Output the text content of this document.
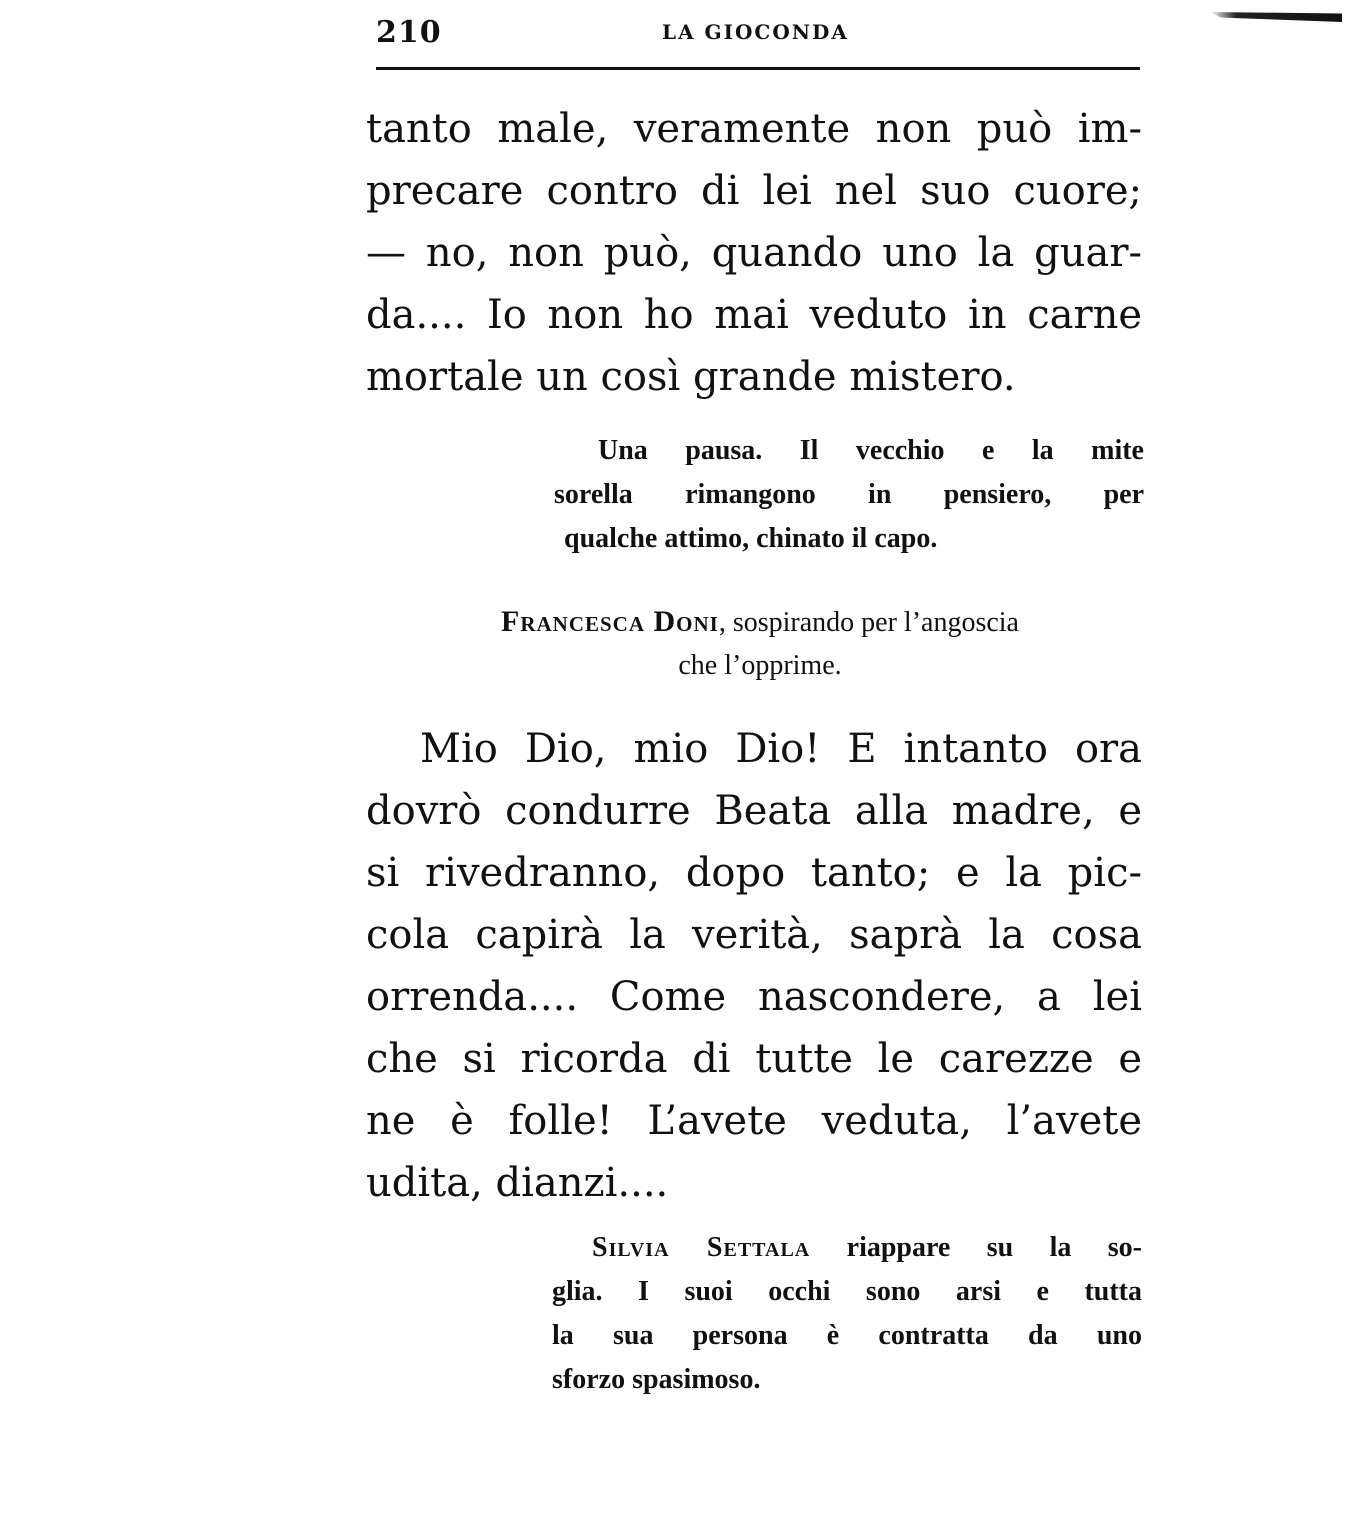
210	LA GIOCONDA
tanto male, veramente non può im-
precare contro di lei nel suo cuore;
— no, non può, quando uno la guar-
da.... Io non ho mai veduto in carne
mortale un così grande mistero.
Una pausa. Il vecchio e la mite
sorella rimangono in pensiero, per
qualche attimo, chinato il capo.
Francesca Doni, sospirando per l’angoscia
che l’opprime.
Mio Dio, mio Dio! E intanto ora
dovrò condurre Beata alla madre, e
si rivedranno, dopo tanto; e la pic-
cola capirà la verità, saprà la cosa
orrenda.... Come nascondere, a lei
che si ricorda di tutte le carezze e
ne è folle! L’avete veduta, l’avete
udita, dianzi....
Silvia Settala riappare su la so-
glia. I suoi occhi sono arsi e tutta
la sua persona è contratta da uno
sforzo spasimoso.
